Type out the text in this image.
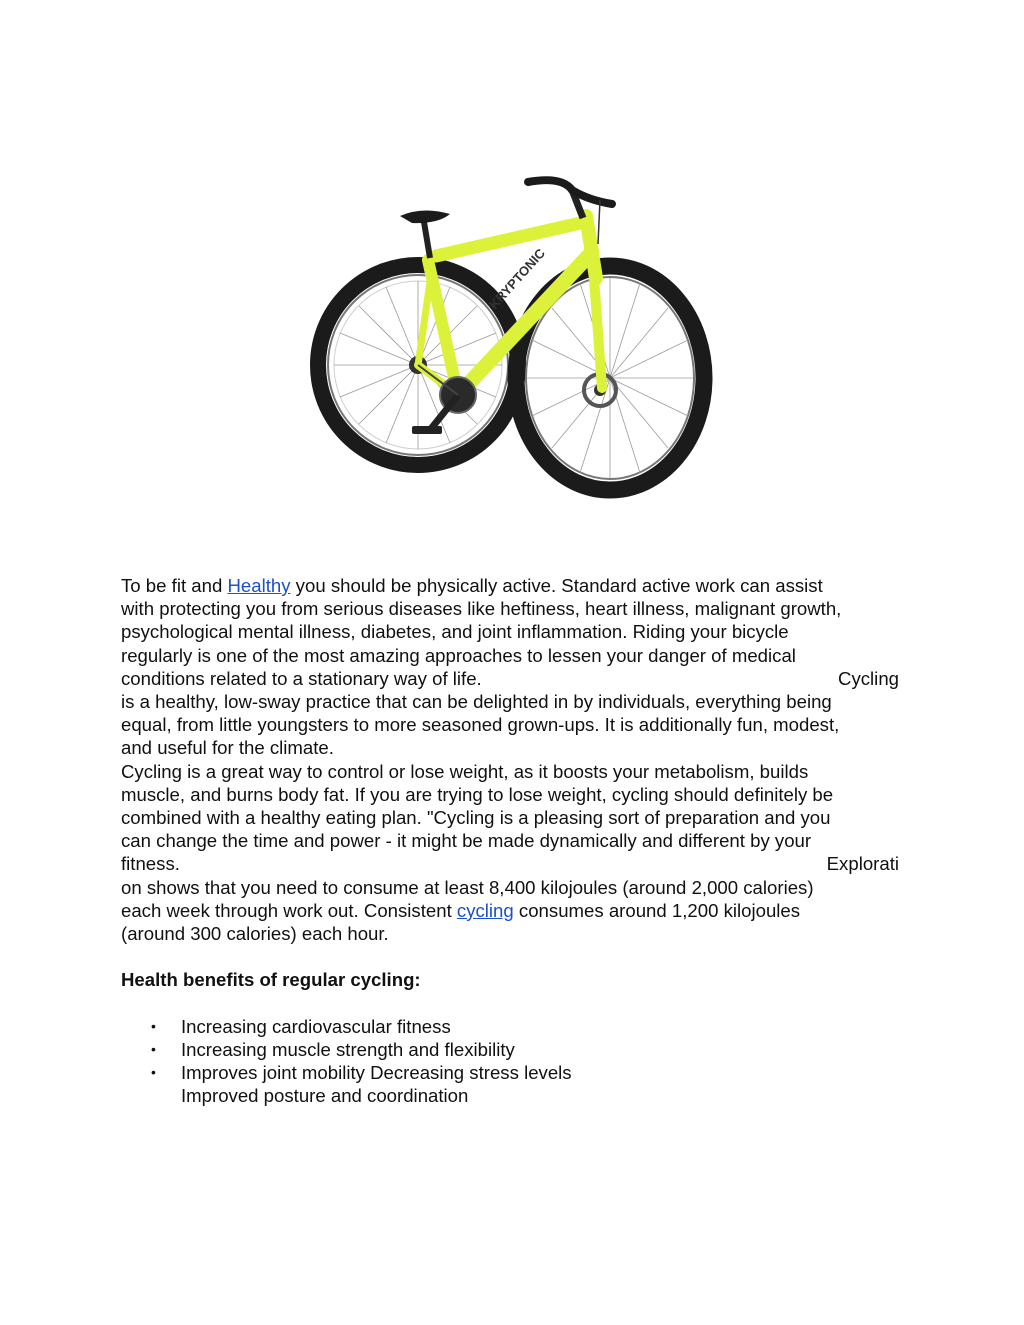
KRYPTONIC
To be fit and Healthy you should be physically active. Standard active work can assist
with protecting you from serious diseases like heftiness, heart illness, malignant growth,
psychological mental illness, diabetes, and joint inflammation. Riding your bicycle
regularly is one of the most amazing approaches to lessen your danger of medical
conditions related to a stationary way of life.	Cycling
is a healthy, low-sway practice that can be delighted in by individuals, everything being
equal, from little youngsters to more seasoned grown-ups. It is additionally fun, modest,
and useful for the climate.
Cycling is a great way to control or lose weight, as it boosts your metabolism, builds
muscle, and burns body fat. If you are trying to lose weight, cycling should definitely be
combined with a healthy eating plan. "Cycling is a pleasing sort of preparation and you
can change the time and power - it might be made dynamically and different by your
fitness.	Explorati
on shows that you need to consume at least 8,400 kilojoules (around 2,000 calories)
each week through work out. Consistent cycling consumes around 1,200 kilojoules
(around 300 calories) each hour.
Health benefits of regular cycling:
• Increasing cardiovascular fitness
• Increasing muscle strength and flexibility
• Improves joint mobility Decreasing stress levels
Improved posture and coordination
